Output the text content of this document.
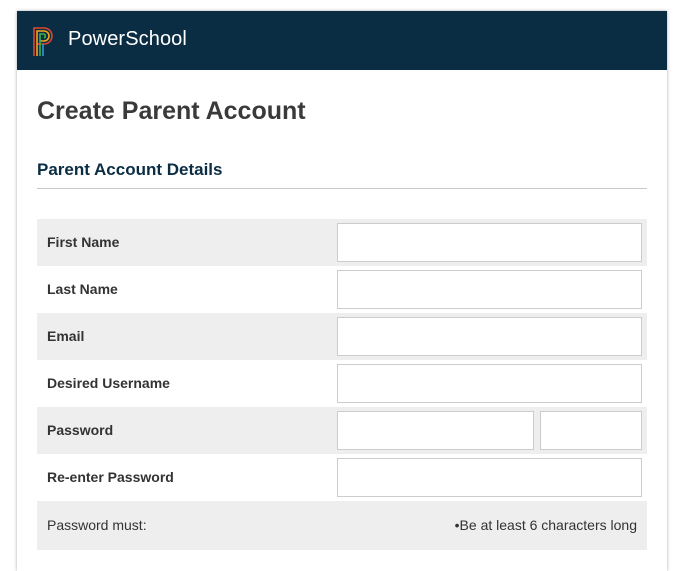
PowerSchool
Create Parent Account
Parent Account Details
First Name
Last Name
Email
Desired Username
Password
Re-enter Password
Password must:	•Be at least 6 characters long
